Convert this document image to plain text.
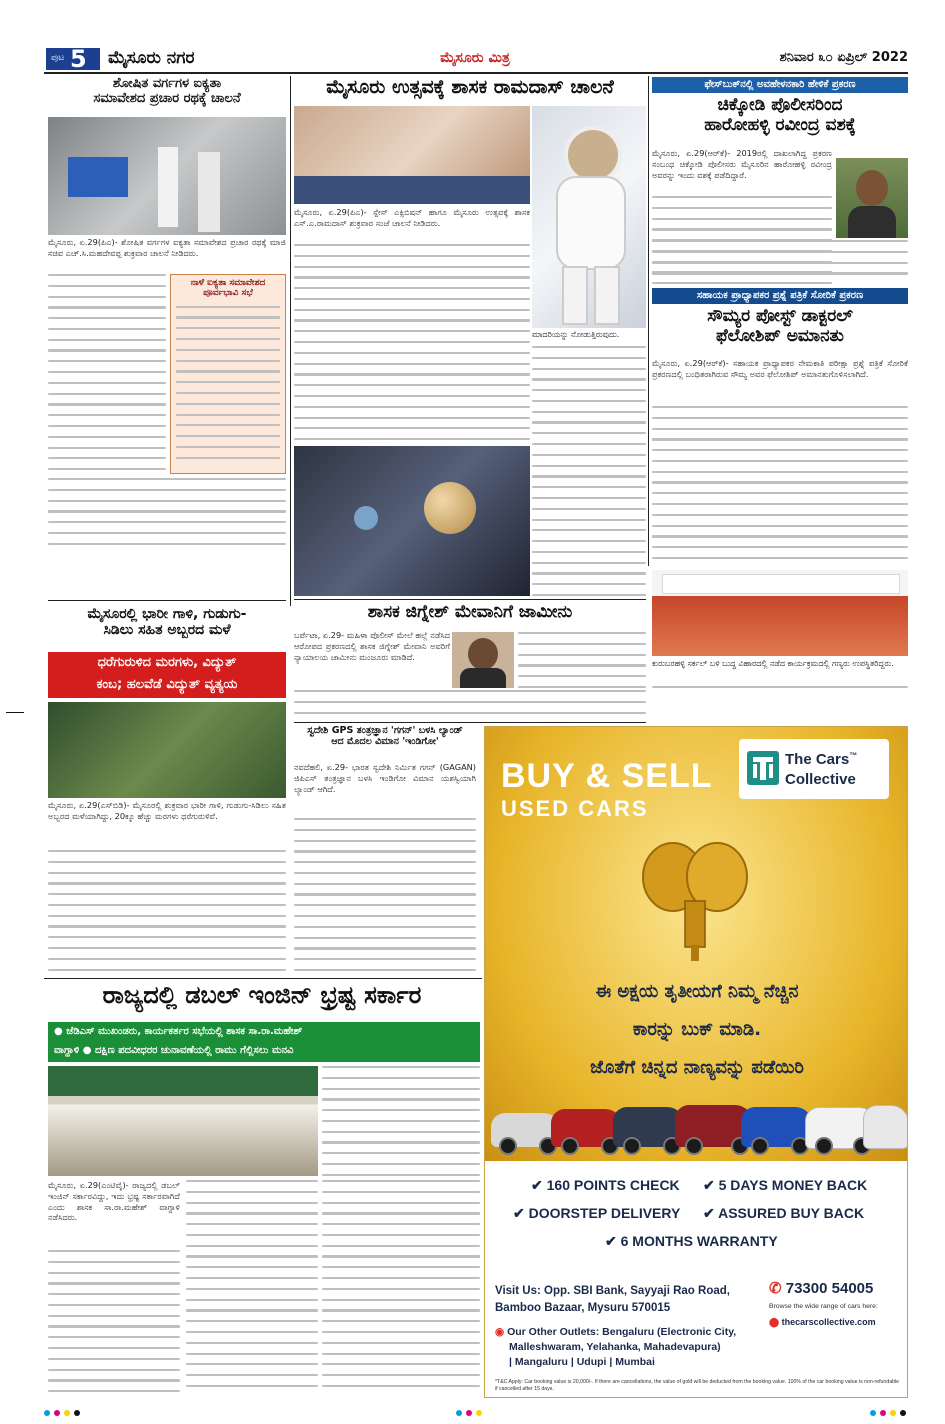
ಪುಟ 5 ಮೈಸೂರು ನಗರ	ಮೈಸೂರು ಮಿತ್ರ	ಶನಿವಾರ ೩೦ ಏಪ್ರಿಲ್ 2022
ಶೋಷಿತ ವರ್ಗಗಳ ಐಕ್ಯತಾ
ಸಮಾವೇಶದ ಪ್ರಚಾರ ರಥಕ್ಕೆ ಚಾಲನೆ
ಮೈಸೂರು, ಏ.29(ಪಿಎ)- ಶೋಷಿತ ವರ್ಗಗಳ ಐಕ್ಯತಾ ಸಮಾವೇಶದ ಪ್ರಚಾರ ರಥಕ್ಕೆ ಮಾಜಿ ಸಚಿವ ಎಚ್.ಸಿ.ಮಹದೇವಪ್ಪ ಶುಕ್ರವಾರ ಚಾಲನೆ ನೀಡಿದರು.
ನಾಳೆ ಐಕ್ಯತಾ ಸಮಾವೇಶದ ಪೂರ್ವಭಾವಿ ಸಭೆ
ಮೈಸೂರಲ್ಲಿ ಭಾರೀ ಗಾಳಿ, ಗುಡುಗು-
ಸಿಡಿಲು ಸಹಿತ ಅಬ್ಬರದ ಮಳೆ
ಧರೆಗುರುಳಿದ ಮರಗಳು, ವಿದ್ಯುತ್
ಕಂಬ; ಹಲವೆಡೆ ವಿದ್ಯುತ್ ವ್ಯತ್ಯಯ
ಮೈಸೂರು, ಏ.29(ಎಸ್‌ಬಿಡಿ)- ಮೈಸೂರಲ್ಲಿ ಶುಕ್ರವಾರ ಭಾರೀ ಗಾಳಿ, ಗುಡುಗು-ಸಿಡಿಲು ಸಹಿತ ಅಬ್ಬರದ ಮಳೆಯಾಗಿದ್ದು, 20ಕ್ಕೂ ಹೆಚ್ಚು ಮರಗಳು ಧರೆಗುರುಳಿವೆ.
ಮೈಸೂರು ಉತ್ಸವಕ್ಕೆ ಶಾಸಕ ರಾಮದಾಸ್ ಚಾಲನೆ
ಮೈಸೂರು, ಏ.29(ಪಿಎ)- ಸ್ಪೇಸ್ ಎಕ್ಸಿಬಿಷನ್ ಹಾಗೂ ಮೈಸೂರು ಉತ್ಸವಕ್ಕೆ ಶಾಸಕ ಎಸ್.ಎ.ರಾಮದಾಸ್ ಶುಕ್ರವಾರ ಸಂಜೆ ಚಾಲನೆ ನೀಡಿದರು.
ಮಾದರಿಯನ್ನು ನೋಡುತ್ತಿರುವುದು.
ಫೇಸ್‌ಬುಕ್‌ನಲ್ಲಿ ಅವಹೇಳನಕಾರಿ ಹೇಳಿಕೆ ಪ್ರಕರಣ
ಚಿಕ್ಕೋಡಿ ಪೊಲೀಸರಿಂದ
ಹಾರೋಹಳ್ಳಿ ರವೀಂದ್ರ ವಶಕ್ಕೆ
ಮೈಸೂರು, ಏ.29(ಆರ್‌ಕೆ)- 2019ರಲ್ಲಿ ದಾಖಲಾಗಿದ್ದ ಪ್ರಕರಣ ಸಂಬಂಧ ಚಿಕ್ಕೋಡಿ ಪೊಲೀಸರು ಮೈಸೂರಿನ ಹಾರೋಹಳ್ಳಿ ರವೀಂದ್ರ ಅವರನ್ನು ಇಂದು ವಶಕ್ಕೆ ಪಡೆದಿದ್ದಾರೆ.
ಸಹಾಯಕ ಪ್ರಾಧ್ಯಾಪಕರ ಪ್ರಶ್ನೆ ಪತ್ರಿಕೆ ಸೋರಿಕೆ ಪ್ರಕರಣ
ಸೌಮ್ಯರ ಪೋಸ್ಟ್ ಡಾಕ್ಟರಲ್
ಫೆಲೋಶಿಪ್ ಅಮಾನತು
ಮೈಸೂರು, ಏ.29(ಆರ್‌ಕೆ)- ಸಹಾಯಕ ಪ್ರಾಧ್ಯಾಪಕರ ನೇಮಕಾತಿ ಪರೀಕ್ಷಾ ಪ್ರಶ್ನೆ ಪತ್ರಿಕೆ ಸೋರಿಕೆ ಪ್ರಕರಣದಲ್ಲಿ ಬಂಧಿತರಾಗಿರುವ ಸೌಮ್ಯ ಅವರ ಫೆಲೋಶಿಪ್ ಅಮಾನತುಗೊಳಿಸಲಾಗಿದೆ.
ಕುರುಬರಹಳ್ಳಿ ಸರ್ಕಲ್ ಬಳಿ ಬುದ್ಧ ವಿಹಾರದಲ್ಲಿ ನಡೆದ ಕಾರ್ಯಕ್ರಮದಲ್ಲಿ ಗಣ್ಯರು ಉಪಸ್ಥಿತರಿದ್ದರು.
ಶಾಸಕ ಜಿಗ್ನೇಶ್ ಮೇವಾನಿಗೆ ಜಾಮೀನು
ಬರ್ಪೆಟಾ, ಏ.29- ಮಹಿಳಾ ಪೊಲೀಸ್ ಮೇಲೆ ಹಲ್ಲೆ ನಡೆಸಿದ ಆರೋಪದ ಪ್ರಕರಣದಲ್ಲಿ ಶಾಸಕ ಜಿಗ್ನೇಶ್ ಮೇವಾನಿ ಅವರಿಗೆ ನ್ಯಾಯಾಲಯ ಜಾಮೀನು ಮಂಜೂರು ಮಾಡಿದೆ.
ಸ್ವದೇಶಿ GPS ತಂತ್ರಜ್ಞಾನ 'ಗಗನ್' ಬಳಸಿ ಲ್ಯಾಂಡ್
ಆದ ಮೊದಲ ವಿಮಾನ 'ಇಂಡಿಗೋ'
ನವದೆಹಲಿ, ಏ.29- ಭಾರತ ಸ್ವದೇಶಿ ನಿರ್ಮಿತ ಗಗನ್ (GAGAN) ಜಿಪಿಎಸ್ ತಂತ್ರಜ್ಞಾನ ಬಳಸಿ ಇಂಡಿಗೋ ವಿಮಾನ ಯಶಸ್ವಿಯಾಗಿ ಲ್ಯಾಂಡ್ ಆಗಿದೆ.
ರಾಜ್ಯದಲ್ಲಿ ಡಬಲ್ ಇಂಜಿನ್ ಭ್ರಷ್ಟ ಸರ್ಕಾರ
● ಜೆಡಿಎಸ್ ಮುಖಂಡರು, ಕಾರ್ಯಕರ್ತರ ಸಭೆಯಲ್ಲಿ ಶಾಸಕ ಸಾ.ರಾ.ಮಹೇಶ್
ವಾಗ್ದಾಳಿ ● ದಕ್ಷಿಣ ಪದವೀಧರರ ಚುನಾವಣೆಯಲ್ಲಿ ರಾಮು ಗೆಲ್ಲಿಸಲು ಮನವಿ
ಮೈಸೂರು, ಏ.29(ಎಂಟಿವೈ)- ರಾಜ್ಯದಲ್ಲಿ ಡಬಲ್ ಇಂಜಿನ್ ಸರ್ಕಾರವಿದ್ದು, ಇದು ಭ್ರಷ್ಟ ಸರ್ಕಾರವಾಗಿದೆ ಎಂದು ಶಾಸಕ ಸಾ.ರಾ.ಮಹೇಶ್ ವಾಗ್ದಾಳಿ ನಡೆಸಿದರು.
The Cars™
Collective
BUY & SELL
USED CARS
ಈ ಅಕ್ಷಯ ತೃತೀಯಗೆ ನಿಮ್ಮ ನೆಚ್ಚಿನ
ಕಾರನ್ನು ಬುಕ್ ಮಾಡಿ.
ಜೊತೆಗೆ ಚಿನ್ನದ ನಾಣ್ಯವನ್ನು ಪಡೆಯಿರಿ
✔ 160 POINTS CHECK ✔ 5 DAYS MONEY BACK
✔ DOORSTEP DELIVERY ✔ ASSURED BUY BACK
✔ 6 MONTHS WARRANTY
Visit Us: Opp. SBI Bank, Sayyaji Rao Road,
Bamboo Bazaar, Mysuru 570015
✆ 73300 54005
Browse the wide range of cars here:
⬤ thecarscollective.com
◉ Our Other Outlets: Bengaluru (Electronic City,
Malleshwaram, Yelahanka, Mahadevapura)
| Mangaluru | Udupi | Mumbai
*T&C Apply: Car booking value is 20,000/-. If there are cancellations, the value of gold will be deducted from the booking value. 100% of the car booking value is non-refundable if cancelled after 15 days.
